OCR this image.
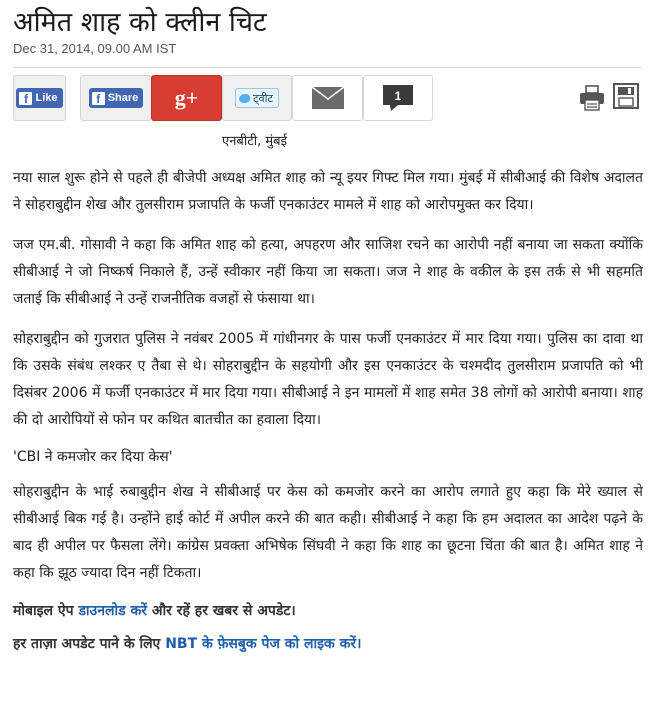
अमित शाह को क्लीन चिट
Dec 31, 2014, 09.00 AM IST
f Like	f Share g+	ट्वीट	1
एनबीटी, मुंबई

नया साल शुरू होने से पहले ही बीजेपी अध्यक्ष अमित शाह को न्यू इयर गिफ्ट मिल गया। मुंबई में सीबीआई की विशेष अदालत ने सोहराबुद्दीन शेख और तुलसीराम प्रजापति के फर्जी एनकाउंटर मामले में शाह को आरोपमुक्त कर दिया।

जज एम.बी. गोसावी ने कहा कि अमित शाह को हत्या, अपहरण और साजिश रचने का आरोपी नहीं बनाया जा सकता क्योंकि सीबीआई ने जो निष्कर्ष निकाले हैं, उन्हें स्वीकार नहीं किया जा सकता। जज ने शाह के वकील के इस तर्क से भी सहमति जताई कि सीबीआई ने उन्हें राजनीतिक वजहों से फंसाया था।

सोहराबुद्दीन को गुजरात पुलिस ने नवंबर 2005 में गांधीनगर के पास फर्जी एनकाउंटर में मार दिया गया। पुलिस का दावा था कि उसके संबंध लश्कर ए तैबा से थे। सोहराबुद्दीन के सहयोगी और इस एनकाउंटर के चश्मदीद तुलसीराम प्रजापति को भी दिसंबर 2006 में फर्जी एनकाउंटर में मार दिया गया। सीबीआई ने इन मामलों में शाह समेत 38 लोगों को आरोपी बनाया। शाह की दो आरोपियों से फोन पर कथित बातचीत का हवाला दिया।

'CBI ने कमजोर कर दिया केस'

सोहराबुद्दीन के भाई रुबाबुद्दीन शेख ने सीबीआई पर केस को कमजोर करने का आरोप लगाते हुए कहा कि मेरे ख्याल से सीबीआई बिक गई है। उन्होंने हाई कोर्ट में अपील करने की बात कही। सीबीआई ने कहा कि हम अदालत का आदेश पढ़ने के बाद ही अपील पर फैसला लेंगे। कांग्रेस प्रवक्ता अभिषेक सिंघवी ने कहा कि शाह का छूटना चिंता की बात है। अमित शाह ने कहा कि झूठ ज्यादा दिन नहीं टिकता।

मोबाइल ऐप डाउनलोड करें और रहें हर खबर से अपडेट।

हर ताज़ा अपडेट पाने के लिए NBT के फ़ेसबुक पेज को लाइक करें।
